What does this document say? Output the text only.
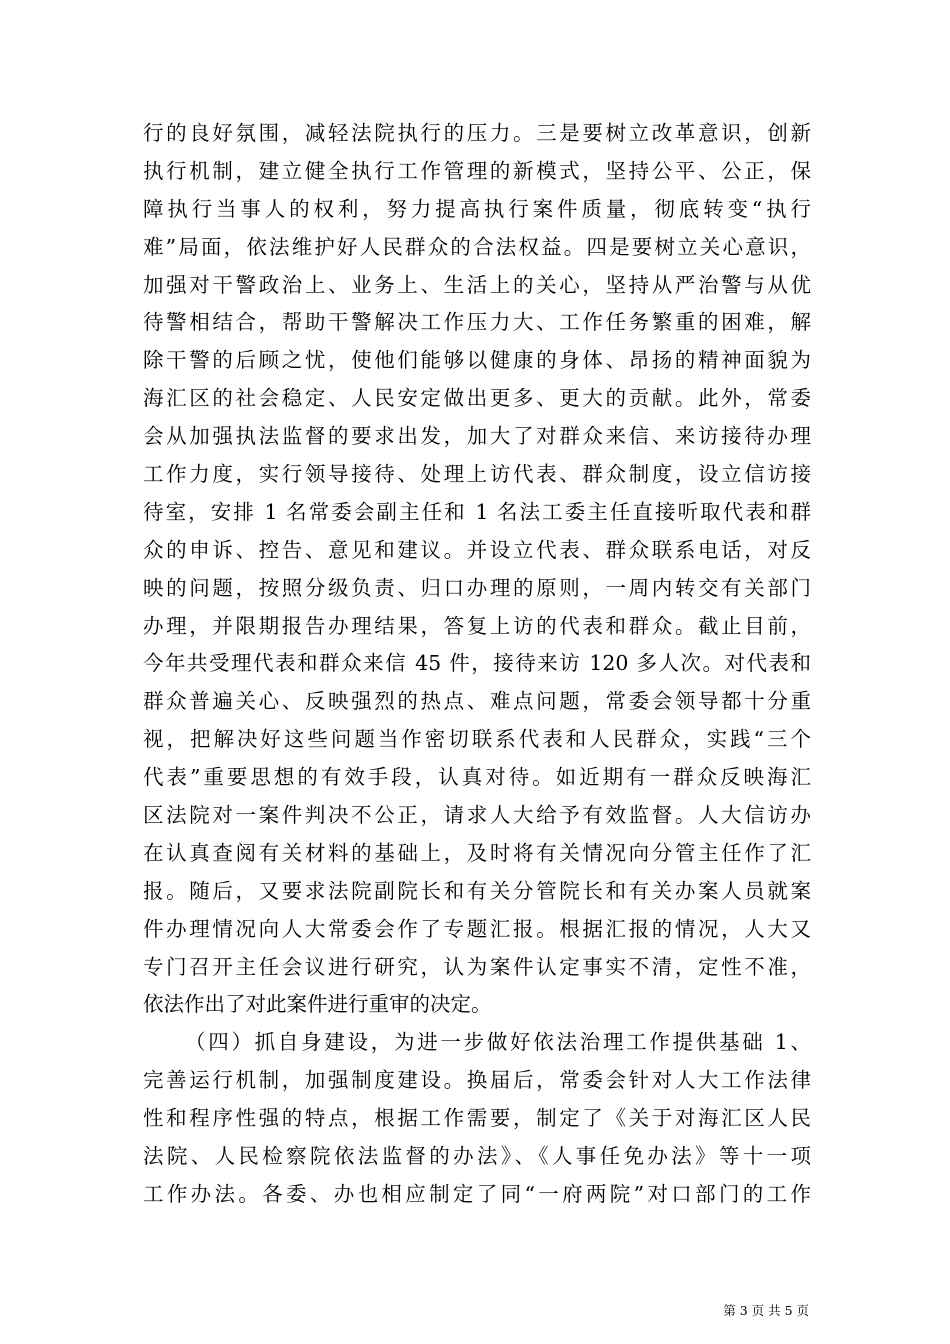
行的良好氛围，减轻法院执行的压力。三是要树立改革意识，创新
执行机制，建立健全执行工作管理的新模式，坚持公平、公正，保
障执行当事人的权利，努力提高执行案件质量，彻底转变“执行
难”局面，依法维护好人民群众的合法权益。四是要树立关心意识，
加强对干警政治上、业务上、生活上的关心，坚持从严治警与从优
待警相结合，帮助干警解决工作压力大、工作任务繁重的困难，解
除干警的后顾之忧，使他们能够以健康的身体、昂扬的精神面貌为
海汇区的社会稳定、人民安定做出更多、更大的贡献。此外，常委
会从加强执法监督的要求出发，加大了对群众来信、来访接待办理
工作力度，实行领导接待、处理上访代表、群众制度，设立信访接
待室，安排 1 名常委会副主任和 1 名法工委主任直接听取代表和群
众的申诉、控告、意见和建议。并设立代表、群众联系电话，对反
映的问题，按照分级负责、归口办理的原则，一周内转交有关部门
办理，并限期报告办理结果，答复上访的代表和群众。截止目前，
今年共受理代表和群众来信 45 件，接待来访 120 多人次。对代表和
群众普遍关心、反映强烈的热点、难点问题，常委会领导都十分重
视，把解决好这些问题当作密切联系代表和人民群众，实践“三个
代表”重要思想的有效手段，认真对待。如近期有一群众反映海汇
区法院对一案件判决不公正，请求人大给予有效监督。人大信访办
在认真查阅有关材料的基础上，及时将有关情况向分管主任作了汇
报。随后，又要求法院副院长和有关分管院长和有关办案人员就案
件办理情况向人大常委会作了专题汇报。根据汇报的情况，人大又
专门召开主任会议进行研究，认为案件认定事实不清，定性不准，
依法作出了对此案件进行重审的决定。
（四）抓自身建设，为进一步做好依法治理工作提供基础 1、
完善运行机制，加强制度建设。换届后，常委会针对人大工作法律
性和程序性强的特点，根据工作需要，制定了《关于对海汇区人民
法院、人民检察院依法监督的办法》、《人事任免办法》等十一项
工作办法。各委、办也相应制定了同“一府两院”对口部门的工作
第 3 页 共 5 页
